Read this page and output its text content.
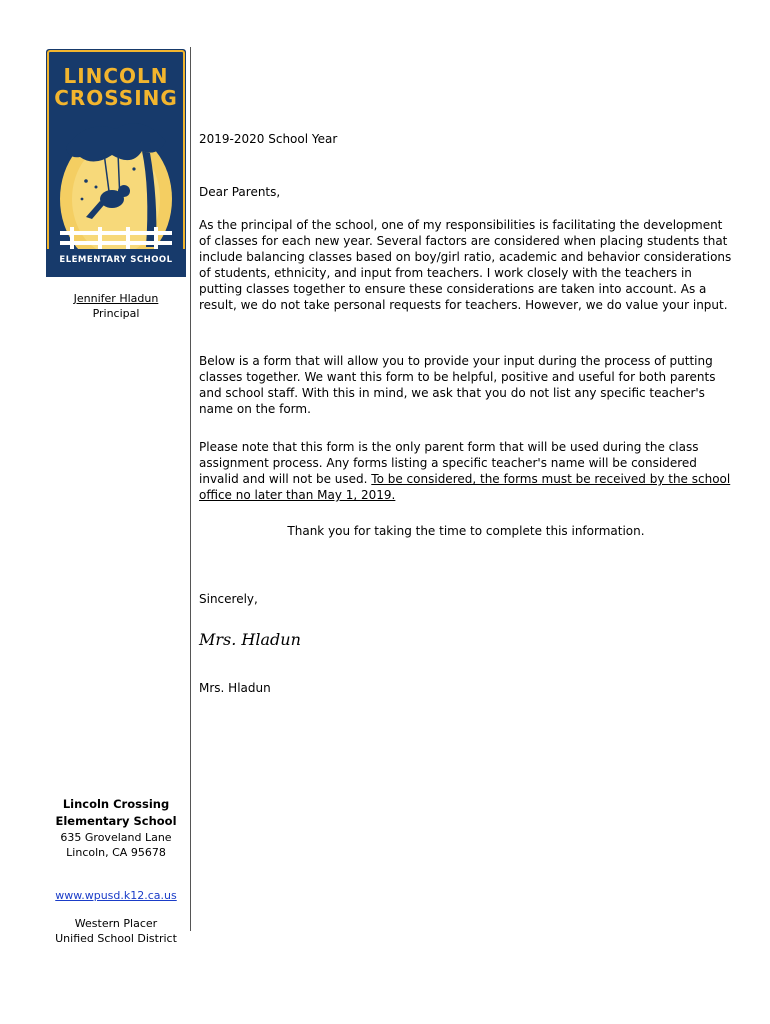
LINCOLN
CROSSING
ELEMENTARY SCHOOL
Jennifer Hladun
Principal
Lincoln Crossing Elementary School
635 Groveland Lane
Lincoln, CA 95678
www.wpusd.k12.ca.us
Western Placer
Unified School District
2019-2020 School Year
Dear Parents,
As the principal of the school, one of my responsibilities is facilitating the development of classes for each new year. Several factors are considered when placing students that include balancing classes based on boy/girl ratio, academic and behavior considerations of students, ethnicity, and input from teachers. I work closely with the teachers in putting classes together to ensure these considerations are taken into account. As a result, we do not take personal requests for teachers. However, we do value your input.
Below is a form that will allow you to provide your input during the process of putting classes together. We want this form to be helpful, positive and useful for both parents and school staff. With this in mind, we ask that you do not list any specific teacher's name on the form.
Please note that this form is the only parent form that will be used during the class assignment process. Any forms listing a specific teacher's name will be considered invalid and will not be used. To be considered, the forms must be received by the school office no later than May 1, 2019.
Thank you for taking the time to complete this information.
Sincerely,
Mrs. Hladun
Mrs. Hladun
